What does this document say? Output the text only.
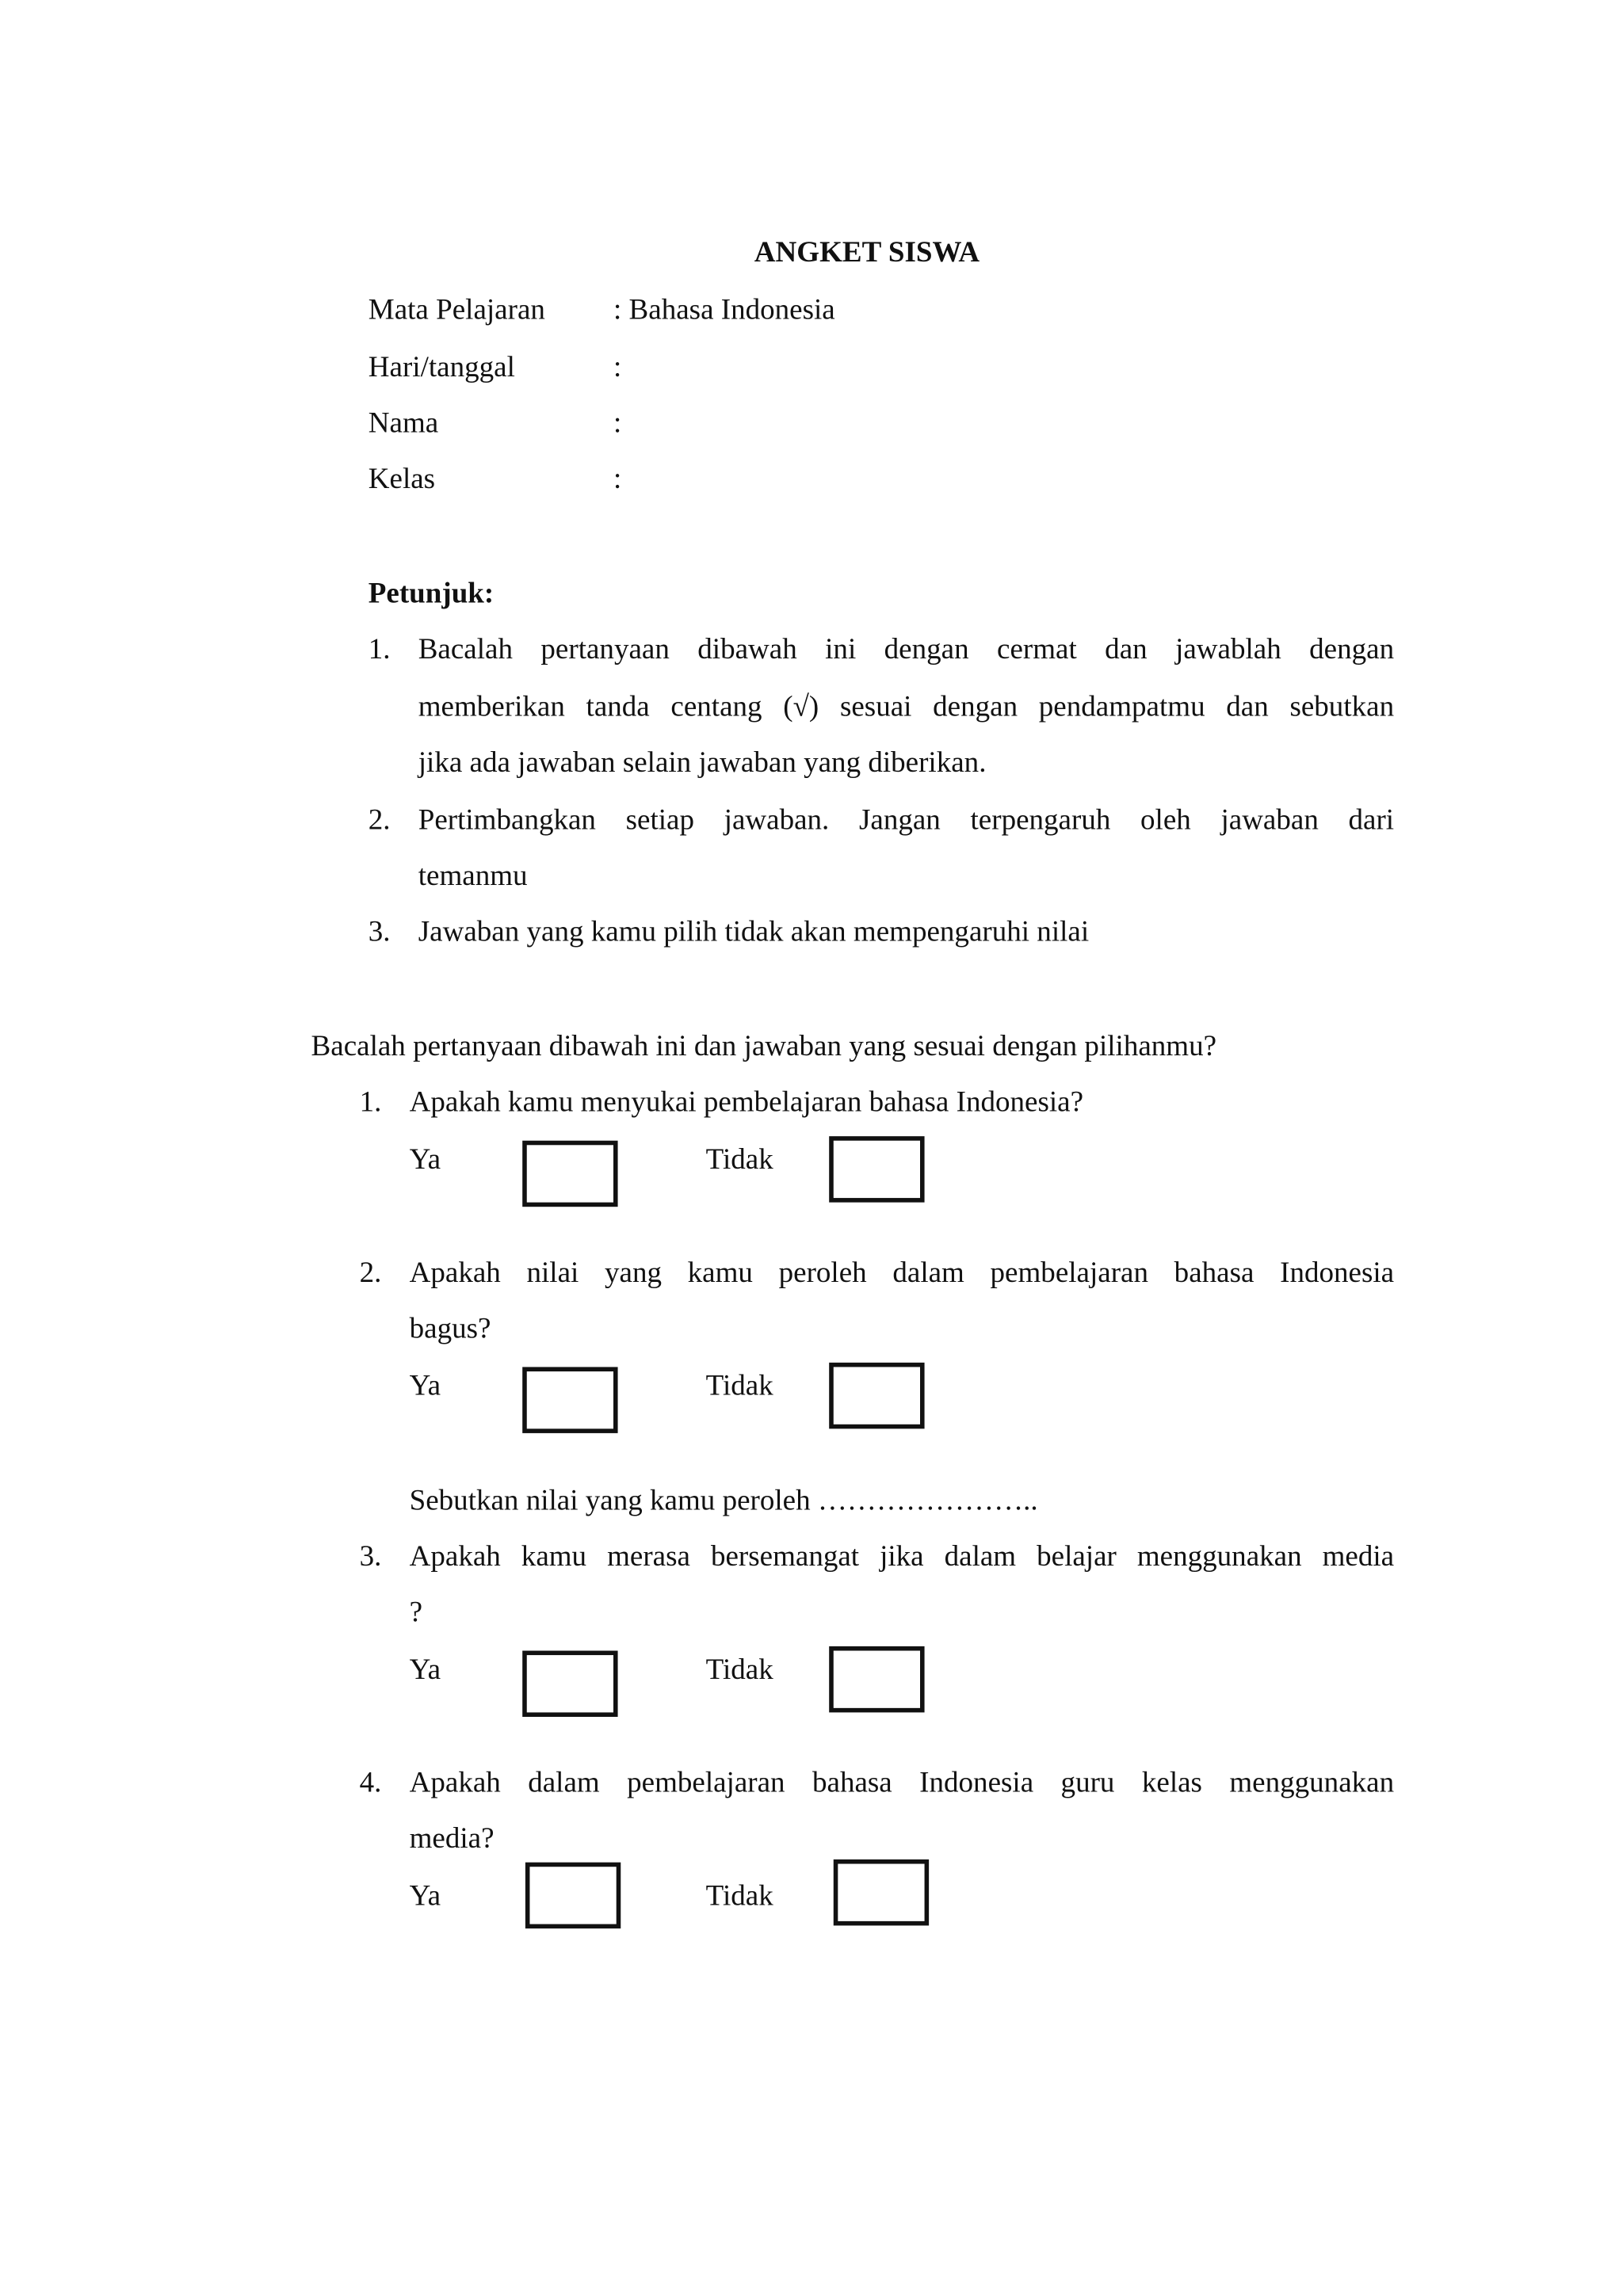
ANGKET SISWA
Mata Pelajaran	: Bahasa Indonesia
Hari/tanggal	:
Nama	:
Kelas	:
Petunjuk:
1. Bacalah pertanyaan dibawah ini dengan cermat dan jawablah dengan
memberikan tanda centang (√) sesuai dengan pendampatmu dan sebutkan
jika ada jawaban selain jawaban yang diberikan.
2. Pertimbangkan setiap jawaban. Jangan terpengaruh oleh jawaban dari
temanmu
3. Jawaban yang kamu pilih tidak akan mempengaruhi nilai
Bacalah pertanyaan dibawah ini dan jawaban yang sesuai dengan pilihanmu?
1. Apakah kamu menyukai pembelajaran bahasa Indonesia?
Ya	Tidak
2. Apakah nilai yang kamu peroleh dalam pembelajaran bahasa Indonesia
bagus?
Ya	Tidak
Sebutkan nilai yang kamu peroleh …………………..
3. Apakah kamu merasa bersemangat jika dalam belajar menggunakan media
?
Ya	Tidak
4. Apakah dalam pembelajaran bahasa Indonesia guru kelas menggunakan
media?
Ya	Tidak
